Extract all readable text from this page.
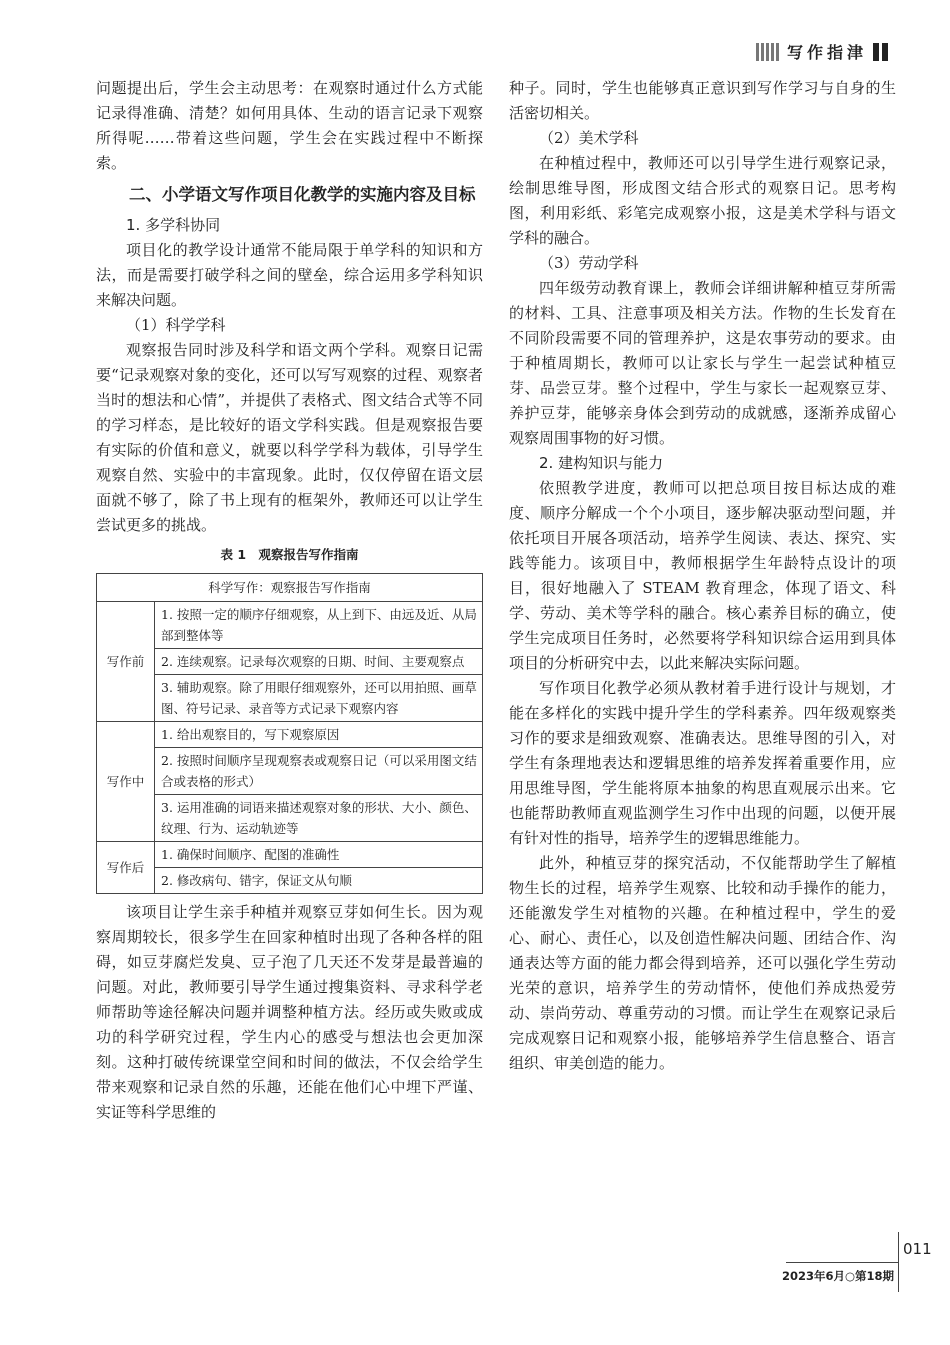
写作指津

问题提出后，学生会主动思考：在观察时通过什么方式能记录得准确、清楚？如何用具体、生动的语言记录下观察所得呢……带着这些问题，学生会在实践过程中不断探索。

二、小学语文写作项目化教学的实施内容及目标

1. 多学科协同

项目化的教学设计通常不能局限于单学科的知识和方法，而是需要打破学科之间的壁垒，综合运用多学科知识来解决问题。

（1）科学学科

观察报告同时涉及科学和语文两个学科。观察日记需要“记录观察对象的变化，还可以写写观察的过程、观察者当时的想法和心情”，并提供了表格式、图文结合式等不同的学习样态，是比较好的语文学科实践。但是观察报告要有实际的价值和意义，就要以科学学科为载体，引导学生观察自然、实验中的丰富现象。此时，仅仅停留在语文层面就不够了，除了书上现有的框架外，教师还可以让学生尝试更多的挑战。

表 1　观察报告写作指南

科学写作：观察报告写作指南	
写作前	1. 按照一定的顺序仔细观察，从上到下、由远及近、从局部到整体等
	2. 连续观察。记录每次观察的日期、时间、主要观察点
	3. 辅助观察。除了用眼仔细观察外，还可以用拍照、画草图、符号记录、录音等方式记录下观察内容
写作中	1. 给出观察目的，写下观察原因
	2. 按照时间顺序呈现观察表或观察日记（可以采用图文结合或表格的形式）
	3. 运用准确的词语来描述观察对象的形状、大小、颜色、纹理、行为、运动轨迹等
写作后	1. 确保时间顺序、配图的准确性
	2. 修改病句、错字，保证文从句顺

该项目让学生亲手种植并观察豆芽如何生长。因为观察周期较长，很多学生在回家种植时出现了各种各样的阻碍，如豆芽腐烂发臭、豆子泡了几天还不发芽是最普遍的问题。对此，教师要引导学生通过搜集资料、寻求科学老师帮助等途径解决问题并调整种植方法。经历或失败或成功的科学研究过程，学生内心的感受与想法也会更加深刻。这种打破传统课堂空间和时间的做法，不仅会给学生带来观察和记录自然的乐趣，还能在他们心中埋下严谨、实证等科学思维的

种子。同时，学生也能够真正意识到写作学习与自身的生活密切相关。

（2）美术学科

在种植过程中，教师还可以引导学生进行观察记录，绘制思维导图，形成图文结合形式的观察日记。思考构图，利用彩纸、彩笔完成观察小报，这是美术学科与语文学科的融合。

（3）劳动学科

四年级劳动教育课上，教师会详细讲解种植豆芽所需的材料、工具、注意事项及相关方法。作物的生长发育在不同阶段需要不同的管理养护，这是农事劳动的要求。由于种植周期长，教师可以让家长与学生一起尝试种植豆芽、品尝豆芽。整个过程中，学生与家长一起观察豆芽、养护豆芽，能够亲身体会到劳动的成就感，逐渐养成留心观察周围事物的好习惯。

2. 建构知识与能力

依照教学进度，教师可以把总项目按目标达成的难度、顺序分解成一个个小项目，逐步解决驱动型问题，并依托项目开展各项活动，培养学生阅读、表达、探究、实践等能力。该项目中，教师根据学生年龄特点设计的项目，很好地融入了 STEAM 教育理念，体现了语文、科学、劳动、美术等学科的融合。核心素养目标的确立，使学生完成项目任务时，必然要将学科知识综合运用到具体项目的分析研究中去，以此来解决实际问题。

写作项目化教学必须从教材着手进行设计与规划，才能在多样化的实践中提升学生的学科素养。四年级观察类习作的要求是细致观察、准确表达。思维导图的引入，对学生有条理地表达和逻辑思维的培养发挥着重要作用，应用思维导图，学生能将原本抽象的构思直观展示出来。它也能帮助教师直观监测学生习作中出现的问题，以便开展有针对性的指导，培养学生的逻辑思维能力。

此外，种植豆芽的探究活动，不仅能帮助学生了解植物生长的过程，培养学生观察、比较和动手操作的能力，还能激发学生对植物的兴趣。在种植过程中，学生的爱心、耐心、责任心，以及创造性解决问题、团结合作、沟通表达等方面的能力都会得到培养，还可以强化学生劳动光荣的意识，培养学生的劳动情怀，使他们养成热爱劳动、崇尚劳动、尊重劳动的习惯。而让学生在观察记录后完成观察日记和观察小报，能够培养学生信息整合、语言组织、审美创造的能力。

011
2023年6月○第18期
